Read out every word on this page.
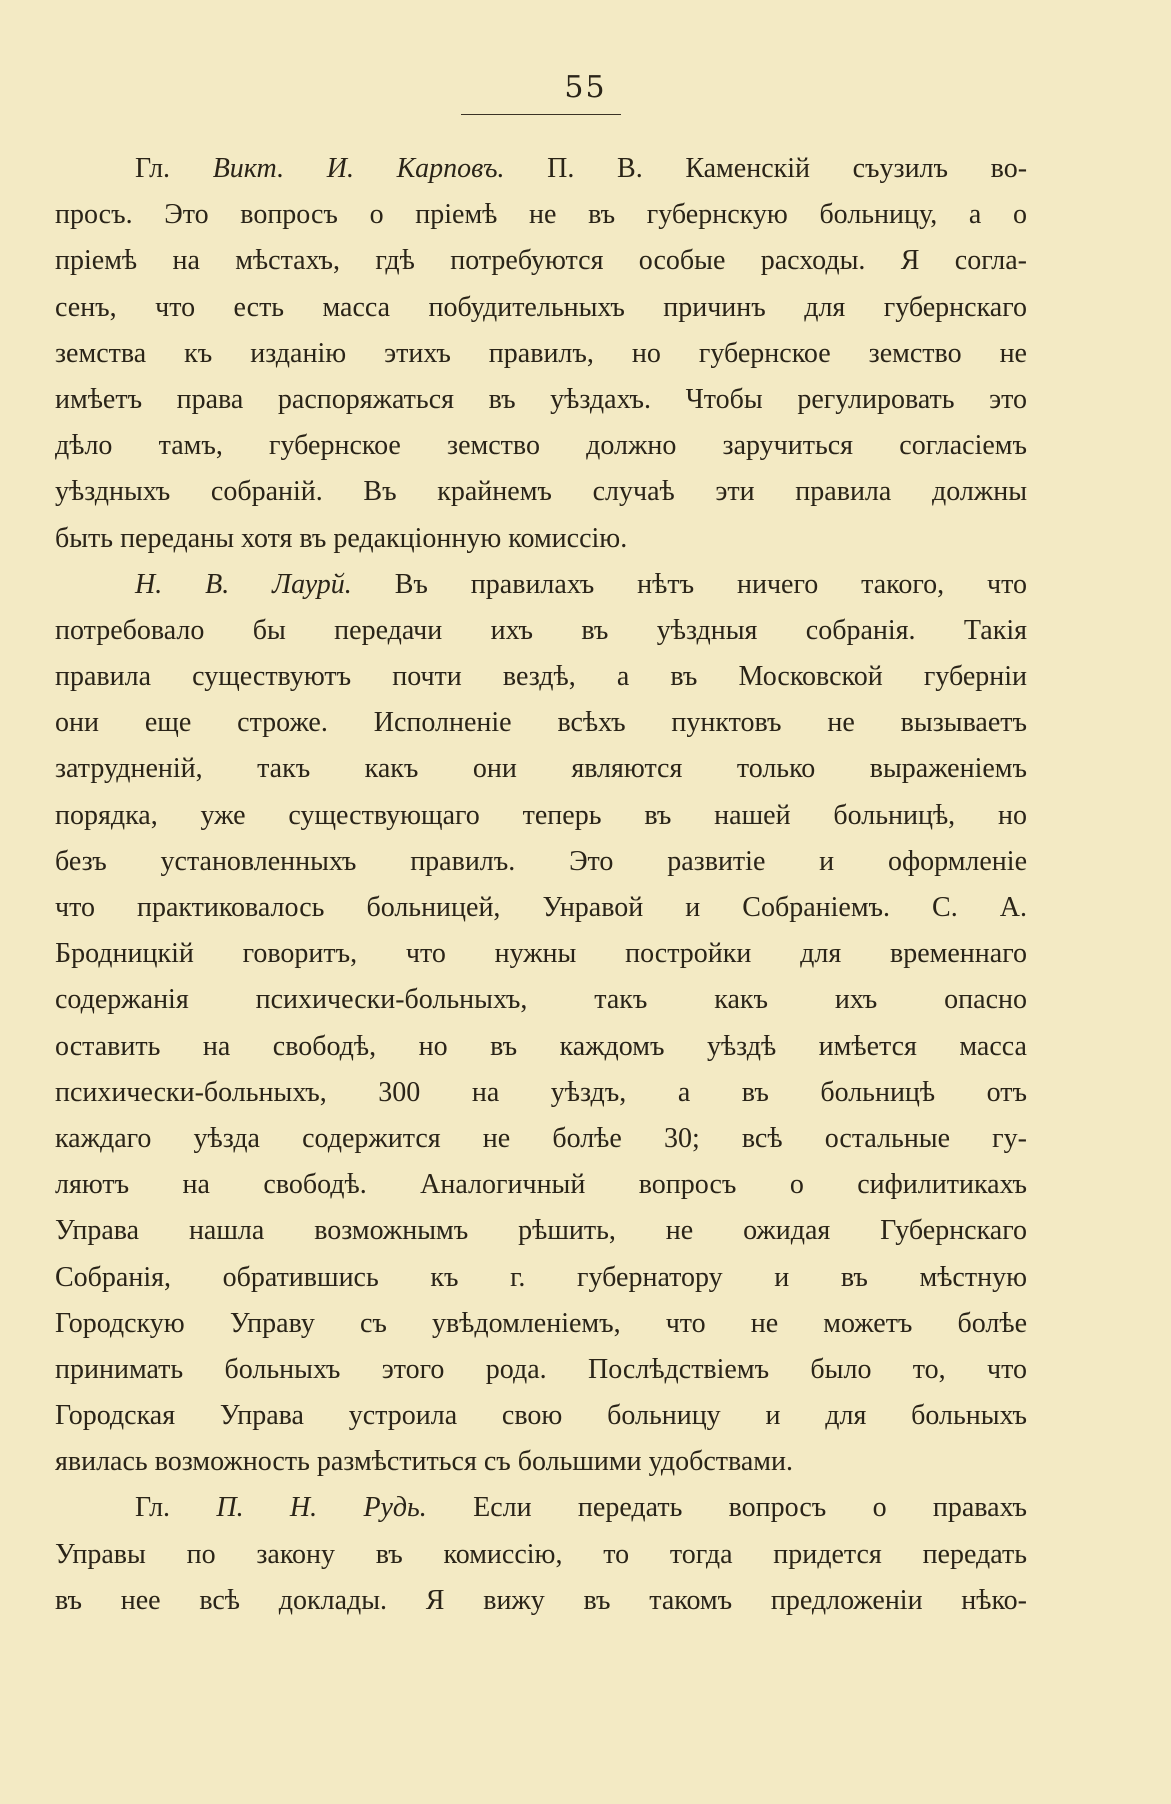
55
Гл. Викт. И. Карповъ. П. В. Каменскій съузилъ во-
просъ. Это вопросъ о пріемѣ не въ губернскую больницу, а о
пріемѣ на мѣстахъ, гдѣ потребуются особые расходы. Я согла-
сенъ, что есть масса побудительныхъ причинъ для губернскаго
земства къ изданію этихъ правилъ, но губернское земство не
имѣетъ права распоряжаться въ уѣздахъ. Чтобы регулировать это
дѣло тамъ, губернское земство должно заручиться согласіемъ
уѣздныхъ собраній. Въ крайнемъ случаѣ эти правила должны
быть переданы хотя въ редакціонную комиссію.
Н. В. Лаурй. Въ правилахъ нѣтъ ничего такого, что
потребовало бы передачи ихъ въ уѣздныя собранія. Такія
правила существуютъ почти вездѣ, а въ Московской губерніи
они еще строже. Исполненіе всѣхъ пунктовъ не вызываетъ
затрудненій, такъ какъ они являются только выраженіемъ
порядка, уже существующаго теперь въ нашей больницѣ, но
безъ установленныхъ правилъ. Это развитіе и оформленіе
что практиковалось больницей, Унравой и Собраніемъ. С. А.
Бродницкій говоритъ, что нужны постройки для временнаго
содержанія психически-больныхъ, такъ какъ ихъ опасно
оставить на свободѣ, но въ каждомъ уѣздѣ имѣется масса
психически-больныхъ, 300 на уѣздъ, а въ больницѣ отъ
каждаго уѣзда содержится не болѣе 30; всѣ остальные гу-
ляютъ на свободѣ. Аналогичный вопросъ о сифилитикахъ
Управа нашла возможнымъ рѣшить, не ожидая Губернскаго
Собранія, обратившись къ г. губернатору и въ мѣстную
Городскую Управу съ увѣдомленіемъ, что не можетъ болѣе
принимать больныхъ этого рода. Послѣдствіемъ было то, что
Городская Управа устроила свою больницу и для больныхъ
явилась возможность размѣститься съ большими удобствами.
Гл. П. Н. Рудь. Если передать вопросъ о правахъ
Управы по закону въ комиссію, то тогда придется передать
въ нее всѣ доклады. Я вижу въ такомъ предложеніи нѣко-
